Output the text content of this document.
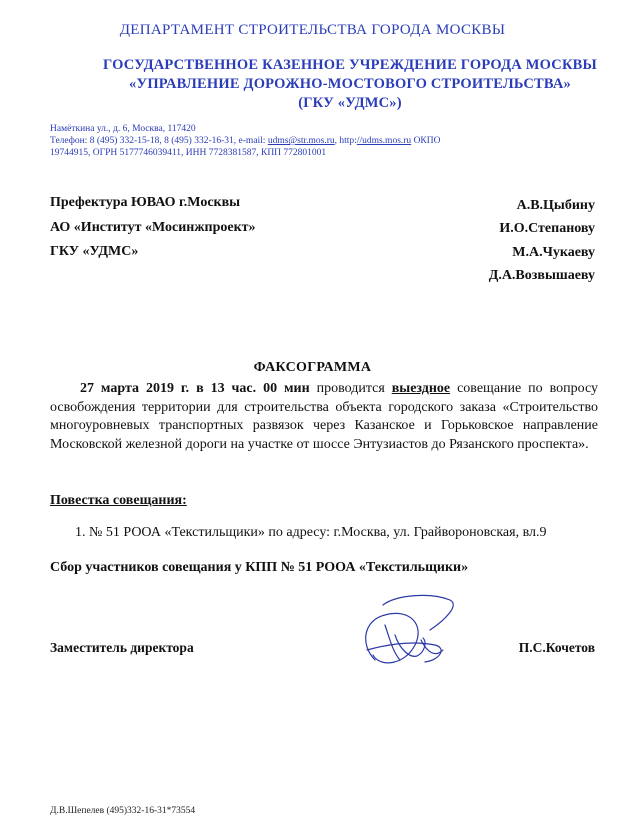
ДЕПАРТАМЕНТ СТРОИТЕЛЬСТВА ГОРОДА МОСКВЫ
ГОСУДАРСТВЕННОЕ КАЗЕННОЕ УЧРЕЖДЕНИЕ ГОРОДА МОСКВЫ
«УПРАВЛЕНИЕ ДОРОЖНО-МОСТОВОГО СТРОИТЕЛЬСТВА»
(ГКУ «УДМС»)
Намёткина ул., д. 6, Москва, 117420
Телефон: 8 (495) 332-15-18, 8 (495) 332-16-31, e-mail: udms@str.mos.ru, http://udms.mos.ru ОКПО
19744915, ОГРН 5177746039411, ИНН 7728381587, КПП 772801001
Префектура ЮВАО г.Москвы
АО «Институт «Мосинжпроект»
ГКУ «УДМС»
А.В.Цыбину
И.О.Степанову
М.А.Чукаеву
Д.А.Возвышаеву
ФАКСОГРАММА
27 марта 2019 г. в 13 час. 00 мин проводится выездное совещание по вопросу освобождения территории для строительства объекта городского заказа «Строительство многоуровневых транспортных развязок через Казанское и Горьковское направление Московской железной дороги на участке от шоссе Энтузиастов до Рязанского проспекта».
Повестка совещания:
1. № 51 РООА «Текстильщики» по адресу: г.Москва, ул. Грайвороновская, вл.9
Сбор участников совещания у КПП № 51 РООА «Текстильщики»
Заместитель директора	П.С.Кочетов
Д.В.Шепелев (495)332-16-31*73554
